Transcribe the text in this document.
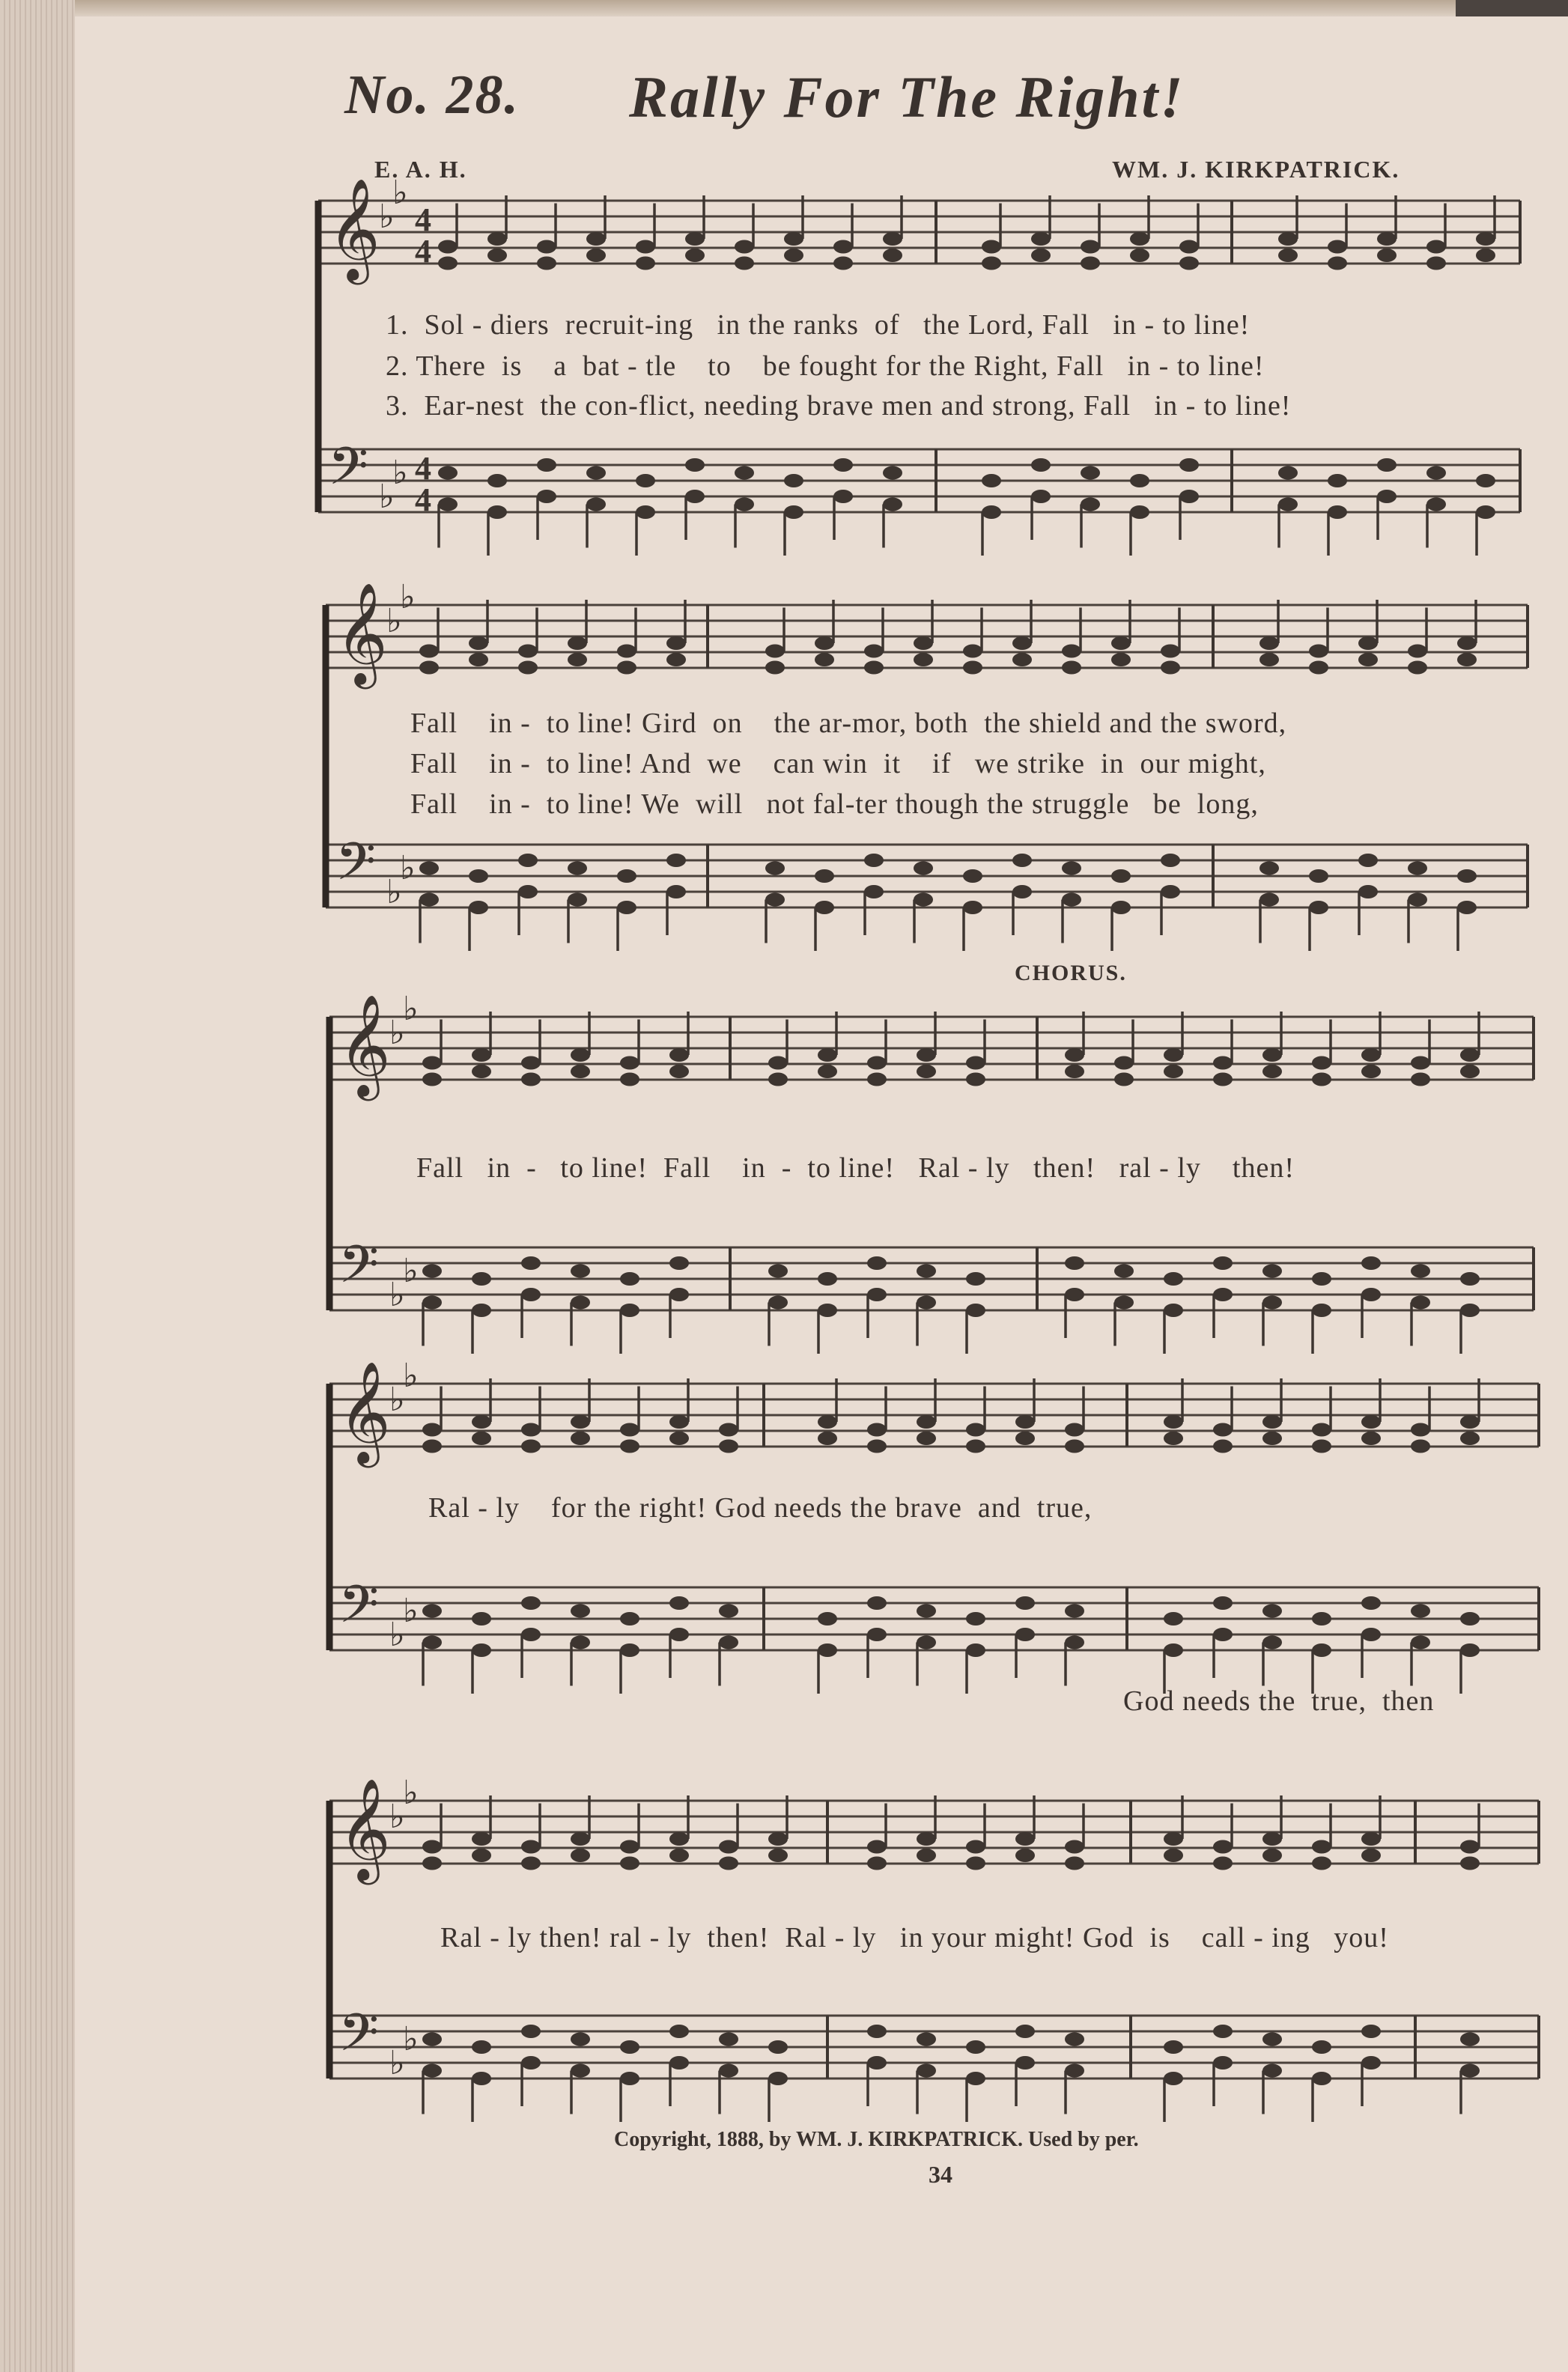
No. 28. Rally For The Right!
E. A. H.	WM. J. KIRKPATRICK.
𝄞
♭
♭
4
4
𝄢 ♭
♭ 4
4
𝄞
♭
♭
𝄢 ♭
♭
𝄞
♭
♭
𝄢 ♭
♭
𝄞
♭
♭
𝄢 ♭
♭
𝄞
♭
♭
𝄢 ♭
♭
CHORUS.
1.  Sol - diers  recruit-ing   in the ranks  of   the Lord, Fall   in - to line!
2. There  is    a  bat - tle    to    be fought for the Right, Fall   in - to line!
3.  Ear-nest  the con-flict, needing brave men and strong, Fall   in - to line!
Fall    in -  to line! Gird  on    the ar-mor, both  the shield and the sword,
Fall    in -  to line! And  we    can win  it    if   we strike  in  our might,
Fall    in -  to line! We  will   not fal-ter though the struggle   be  long,
Fall   in  -   to line!  Fall    in  -  to line!   Ral - ly   then!   ral - ly    then!
Ral - ly    for the right! God needs the brave  and  true,
God needs the  true,  then
Ral - ly then! ral - ly  then!  Ral - ly   in your might! God  is    call - ing   you!
Copyright, 1888, by WM. J. KIRKPATRICK. Used by per.
34
